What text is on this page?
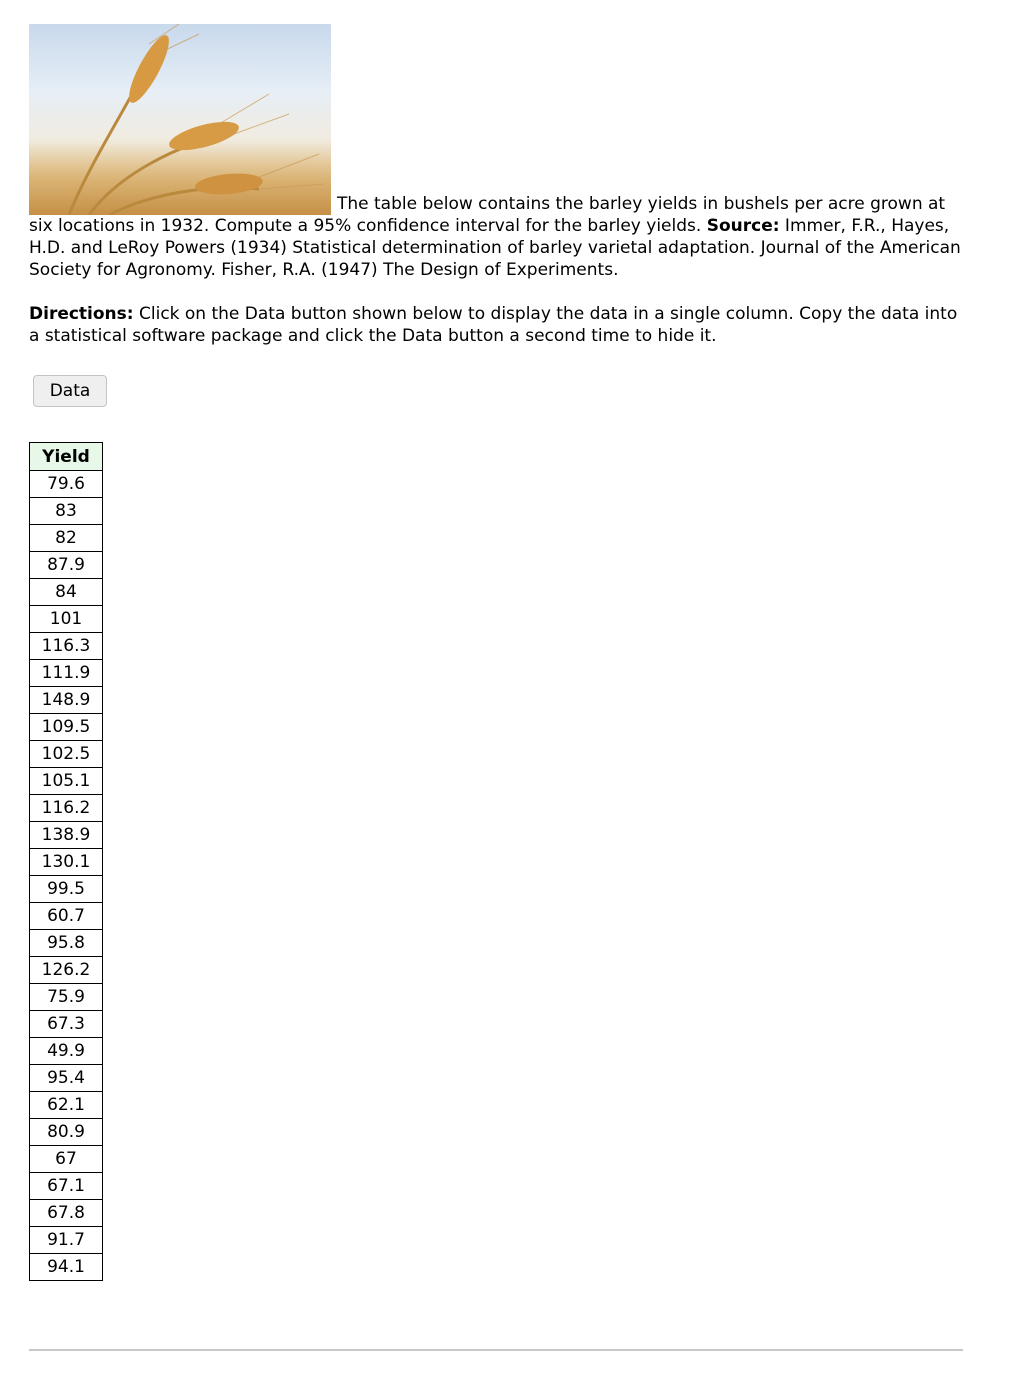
The table below contains the barley yields in bushels per acre grown at six locations in 1932. Compute a 95% confidence interval for the barley yields. Source: Immer, F.R., Hayes, H.D. and LeRoy Powers (1934) Statistical determination of barley varietal adaptation. Journal of the American Society for Agronomy. Fisher, R.A. (1947) The Design of Experiments.

Directions: Click on the Data button shown below to display the data in a single column. Copy the data into a statistical software package and click the Data button a second time to hide it.

Data
Yield
79.6
83
82
87.9
84
101
116.3
111.9
148.9
109.5
102.5
105.1
116.2
138.9
130.1
99.5
60.7
95.8
126.2
75.9
67.3
49.9
95.4
62.1
80.9
67
67.1
67.8
91.7
94.1
